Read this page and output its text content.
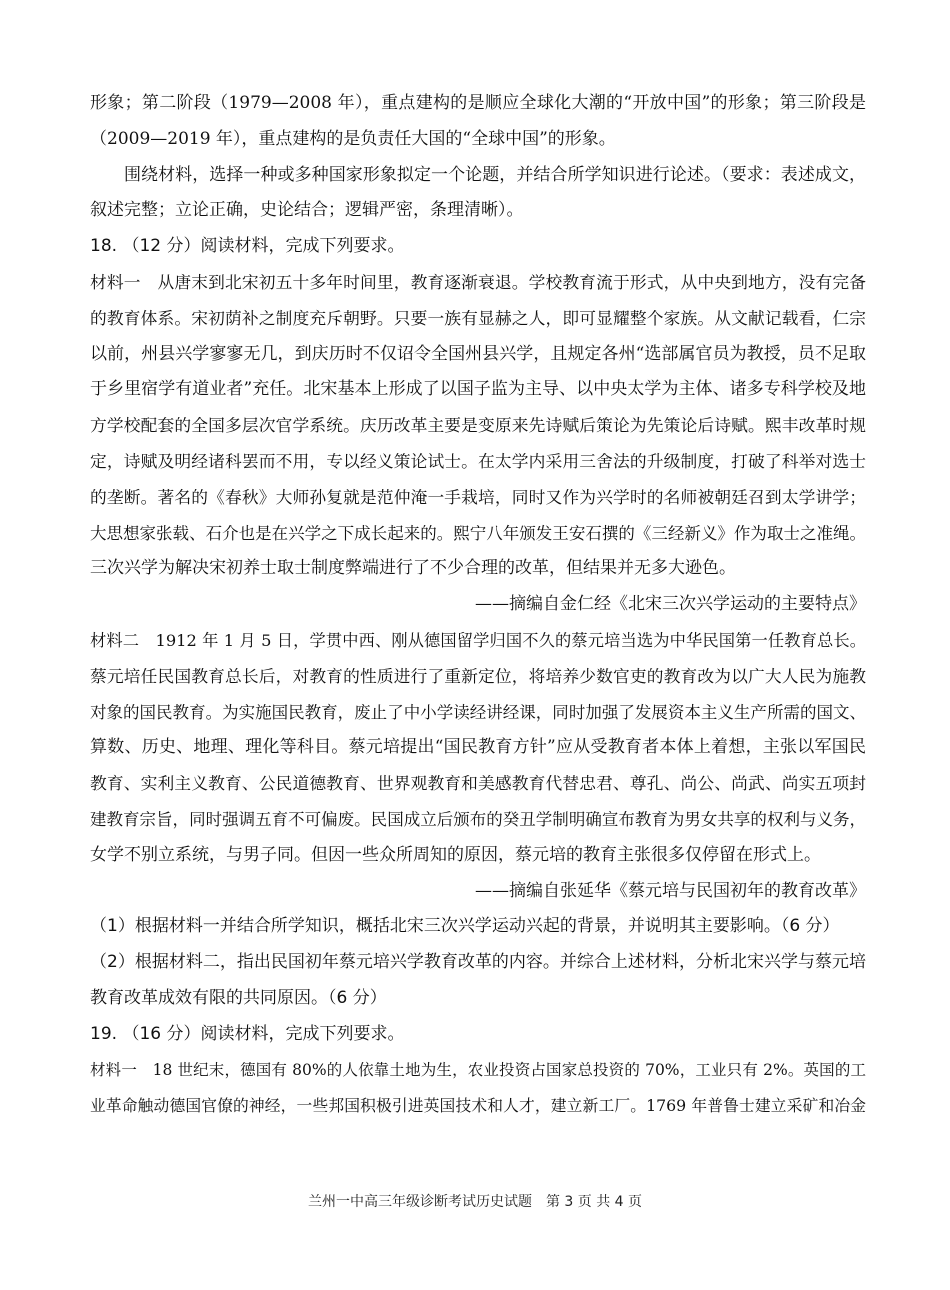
形象；第二阶段（1979—2008 年），重点建构的是顺应全球化大潮的“开放中国”的形象；第三阶段是

（2009—2019 年），重点建构的是负责任大国的“全球中国”的形象。

围绕材料，选择一种或多种国家形象拟定一个论题，并结合所学知识进行论述。（要求：表述成文，

叙述完整；立论正确，史论结合；逻辑严密，条理清晰）。

18. （12 分）阅读材料，完成下列要求。

材料一　从唐末到北宋初五十多年时间里，教育逐渐衰退。学校教育流于形式，从中央到地方，没有完备

的教育体系。宋初荫补之制度充斥朝野。只要一族有显赫之人，即可显耀整个家族。从文献记载看，仁宗

以前，州县兴学寥寥无几，到庆历时不仅诏令全国州县兴学，且规定各州“选部属官员为教授，员不足取

于乡里宿学有道业者”充任。北宋基本上形成了以国子监为主导、以中央太学为主体、诸多专科学校及地

方学校配套的全国多层次官学系统。庆历改革主要是变原来先诗赋后策论为先策论后诗赋。熙丰改革时规

定，诗赋及明经诸科罢而不用，专以经义策论试士。在太学内采用三舍法的升级制度，打破了科举对选士

的垄断。著名的《春秋》大师孙复就是范仲淹一手栽培，同时又作为兴学时的名师被朝廷召到太学讲学；

大思想家张载、石介也是在兴学之下成长起来的。熙宁八年颁发王安石撰的《三经新义》作为取士之准绳。

三次兴学为解决宋初养士取士制度弊端进行了不少合理的改革，但结果并无多大逊色。

——摘编自金仁经《北宋三次兴学运动的主要特点》

材料二　1912 年 1 月 5 日，学贯中西、刚从德国留学归国不久的蔡元培当选为中华民国第一任教育总长。

蔡元培任民国教育总长后，对教育的性质进行了重新定位，将培养少数官吏的教育改为以广大人民为施教

对象的国民教育。为实施国民教育，废止了中小学读经讲经课，同时加强了发展资本主义生产所需的国文、

算数、历史、地理、理化等科目。蔡元培提出“国民教育方针”应从受教育者本体上着想，主张以军国民

教育、实利主义教育、公民道德教育、世界观教育和美感教育代替忠君、尊孔、尚公、尚武、尚实五项封

建教育宗旨，同时强调五育不可偏废。民国成立后颁布的癸丑学制明确宣布教育为男女共享的权利与义务，

女学不别立系统，与男子同。但因一些众所周知的原因，蔡元培的教育主张很多仅停留在形式上。

——摘编自张延华《蔡元培与民国初年的教育改革》

（1）根据材料一并结合所学知识，概括北宋三次兴学运动兴起的背景，并说明其主要影响。（6 分）

（2）根据材料二，指出民国初年蔡元培兴学教育改革的内容。并综合上述材料，分析北宋兴学与蔡元培

教育改革成效有限的共同原因。（6 分）

19. （16 分）阅读材料，完成下列要求。

材料一　18 世纪末，德国有 80%的人依靠土地为生，农业投资占国家总投资的 70%，工业只有 2%。英国的工

业革命触动德国官僚的神经，一些邦国积极引进英国技术和人才，建立新工厂。1769 年普鲁士建立采矿和冶金

兰州一中高三年级诊断考试历史试题　第 3 页 共 4 页
